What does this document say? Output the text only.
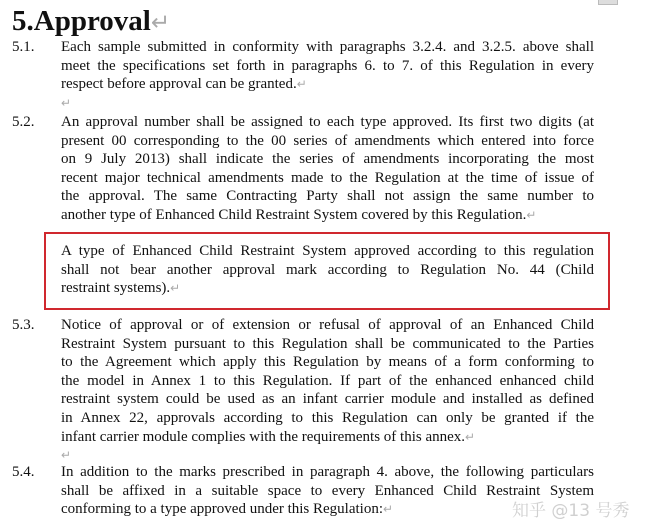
5.Approval↵
5.1. Each sample submitted in conformity with paragraphs 3.2.4. and 3.2.5. above shall
meet the specifications set forth in paragraphs 6. to 7. of this Regulation in every
respect before approval can be granted.↵
↵
5.2. An approval number shall be assigned to each type approved. Its first two digits (at
present 00 corresponding to the 00 series of amendments which entered into force
on 9 July 2013) shall indicate the series of amendments incorporating the most
recent major technical amendments made to the Regulation at the time of issue of
the approval. The same Contracting Party shall not assign the same number to
another type of Enhanced Child Restraint System covered by this Regulation.↵
A type of Enhanced Child Restraint System approved according to this regulation
shall not bear another approval mark according to Regulation No. 44 (Child
restraint systems).↵
5.3. Notice of approval or of extension or refusal of approval of an Enhanced Child
Restraint System pursuant to this Regulation shall be communicated to the Parties
to the Agreement which apply this Regulation by means of a form conforming to
the model in Annex 1 to this Regulation. If part of the enhanced enhanced child
restraint system could be used as an infant carrier module and installed as defined
in Annex 22, approvals according to this Regulation can only be granted if the
infant carrier module complies with the requirements of this annex.↵
↵
5.4. In addition to the marks prescribed in paragraph 4. above, the following particulars
shall be affixed in a suitable space to every Enhanced Child Restraint System
conforming to a type approved under this Regulation:↵	知乎 @13 号秀
